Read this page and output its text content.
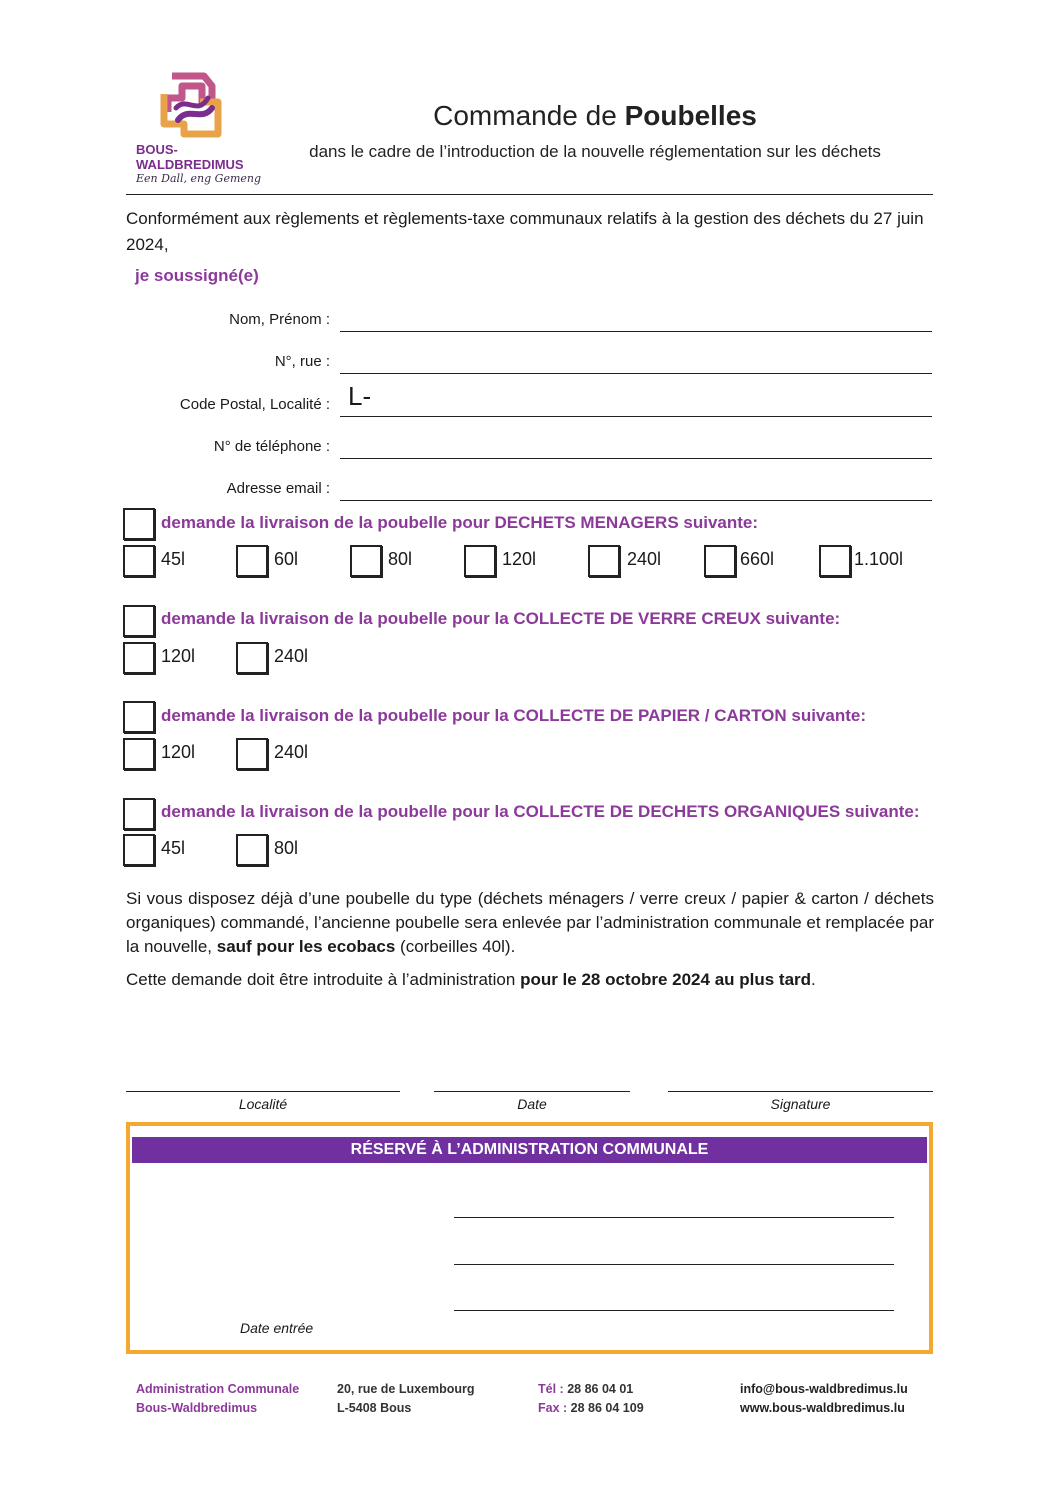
BOUS-
WALDBREDIMUS
Een Dall, eng Gemeng
Commande de Poubelles
dans le cadre de l’introduction de la nouvelle réglementation sur les déchets
Conformément aux règlements et règlements-taxe communaux relatifs à la gestion des déchets du 27 juin 2024,
je soussigné(e)
Nom, Prénom :
N°, rue :
Code Postal, Localité : L-
N° de téléphone :
Adresse email :
demande la livraison de la poubelle pour DECHETS MENAGERS suivante:
45l	60l	80l	120l	240l	660l	1.100l
demande la livraison de la poubelle pour la COLLECTE DE VERRE CREUX suivante:
120l	240l
demande la livraison de la poubelle pour la COLLECTE DE PAPIER / CARTON suivante:
120l	240l
demande la livraison de la poubelle pour la COLLECTE DE DECHETS ORGANIQUES suivante:
45l	80l
Si vous disposez déjà d’une poubelle du type (déchets ménagers / verre creux / papier & carton / déchets organiques) commandé, l’ancienne poubelle sera enlevée par l’administration communale et remplacée par la nouvelle, sauf pour les ecobacs (corbeilles 40l).
Cette demande doit être introduite à l’administration pour le 28 octobre 2024 au plus tard.
Localité	Date	Signature
RÉSERVÉ À L’ADMINISTRATION COMMUNALE
Date entrée
Administration Communale
Bous-Waldbredimus
20, rue de Luxembourg
L-5408 Bous
Tél : 28 86 04 01
Fax : 28 86 04 109
info@bous-waldbredimus.lu
www.bous-waldbredimus.lu
